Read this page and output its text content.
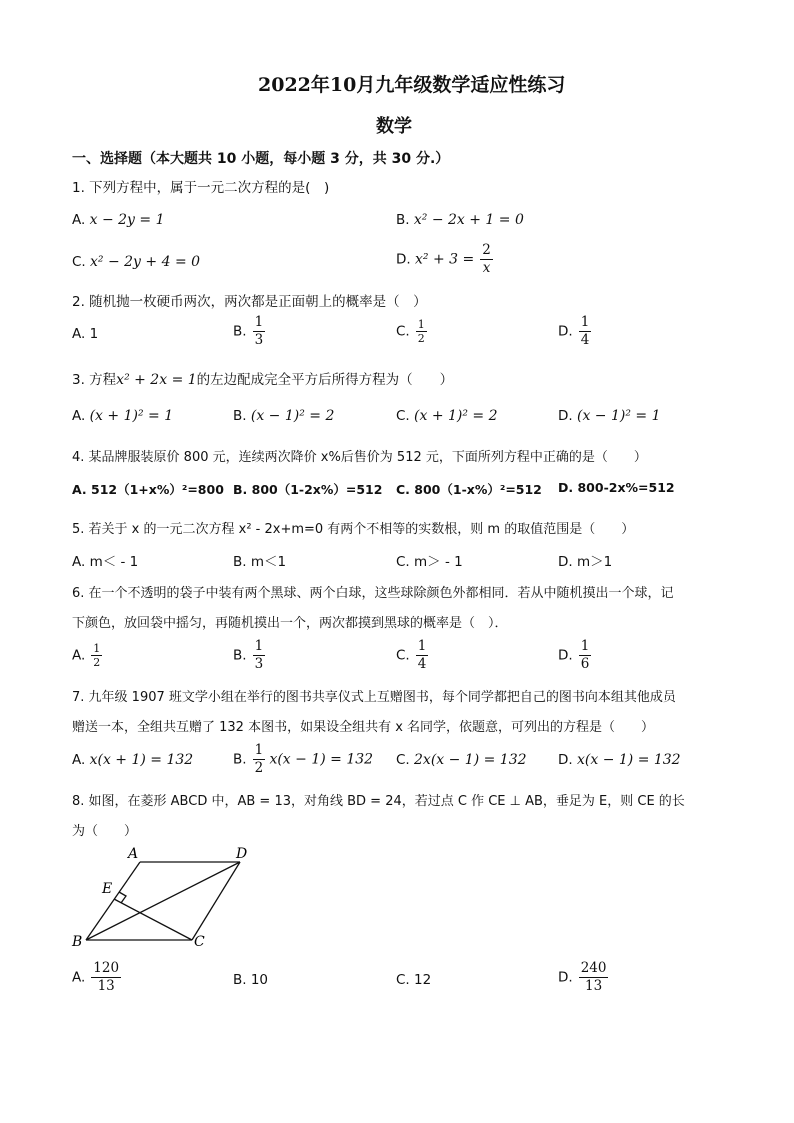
2022年10月九年级数学适应性练习
数学
一、选择题（本大题共 10 小题，每小题 3 分，共 30 分.）
1. 下列方程中，属于一元二次方程的是(　)
A. x − 2y = 1	B. x² − 2x + 1 = 0
C. x² − 2y + 4 = 0	D. $x^2 + 3 = \frac{2}{x}$
2. 随机抛一枚硬币两次，两次都是正面朝上的概率是（　）
A. 1	B. $\frac{1}{3}$	C. $\frac{1}{2}$	D. $\frac{1}{4}$
3. 方程x² + 2x = 1的左边配成完全平方后所得方程为（　　）
A. (x + 1)² = 1	B. (x − 1)² = 2	C. (x + 1)² = 2	D. (x − 1)² = 1
4. 某品牌服装原价 800 元，连续两次降价 x%后售价为 512 元，下面所列方程中正确的是（　　）
A. 512（1+x%）²=800 B. 800（1-2x%）=512 C. 800（1-x%）²=512 D. 800-2x%=512
5. 若关于 x 的一元二次方程 x² - 2x+m=0 有两个不相等的实数根，则 m 的取值范围是（　　）
A. m＜ - 1	B. m＜1	C. m＞ - 1	D. m＞1
6. 在一个不透明的袋子中装有两个黑球、两个白球，这些球除颜色外都相同．若从中随机摸出一个球，记
下颜色，放回袋中摇匀，再随机摸出一个，两次都摸到黑球的概率是（　）．
A. $\frac{1}{2}$	B. $\frac{1}{3}$	C. $\frac{1}{4}$	D. $\frac{1}{6}$
7. 九年级 1907 班文学小组在举行的图书共享仪式上互赠图书，每个同学都把自己的图书向本组其他成员
赠送一本，全组共互赠了 132 本图书，如果设全组共有 x 名同学，依题意，可列出的方程是（　　）
A. x(x + 1) = 132	B. $\frac{1}{2} x(x - 1) = 132$ C. 2x(x − 1) = 132 D. x(x − 1) = 132
8. 如图，在菱形 ABCD 中，AB = 13，对角线 BD = 24，若过点 C 作 CE ⊥ AB，垂足为 E，则 CE 的长
为（　　）
A	D
E
B	C
A. $\frac{120}{13}$	B. 10	C. 12	D. $\frac{240}{13}$
